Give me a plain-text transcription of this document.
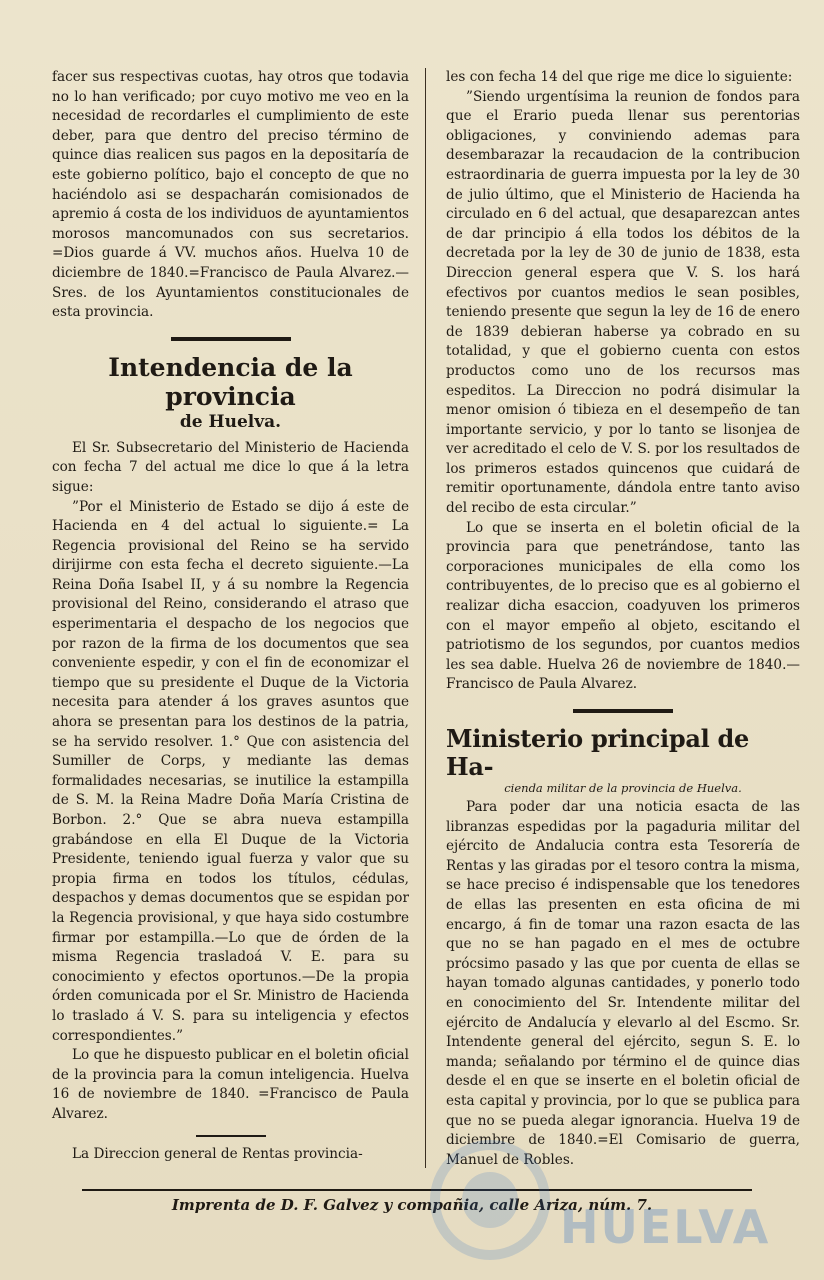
facer sus respectivas cuotas, hay otros que todavia no lo han verificado; por cuyo motivo me veo en la necesidad de recordarles el cumplimiento de este deber, para que dentro del preciso término de quince dias realicen sus pagos en la depositaría de este gobierno político, bajo el concepto de que no haciéndolo asi se despacharán comisionados de apremio á costa de los individuos de ayuntamientos morosos mancomunados con sus secretarios. =Dios guarde á VV. muchos años. Huelva 10 de diciembre de 1840.=Francisco de Paula Alvarez.—Sres. de los Ayuntamientos constitucionales de esta provincia.

Intendencia de la provincia

de Huelva.

El Sr. Subsecretario del Ministerio de Hacienda con fecha 7 del actual me dice lo que á la letra sigue:

”Por el Ministerio de Estado se dijo á este de Hacienda en 4 del actual lo siguiente.= La Regencia provisional del Reino se ha servido dirijirme con esta fecha el decreto siguiente.—La Reina Doña Isabel II, y á su nombre la Regencia provisional del Reino, considerando el atraso que esperimentaria el despacho de los negocios que por razon de la firma de los documentos que sea conveniente espedir, y con el fin de economizar el tiempo que su presidente el Duque de la Victoria necesita para atender á los graves asuntos que ahora se presentan para los destinos de la patria, se ha servido resolver. 1.° Que con asistencia del Sumiller de Corps, y mediante las demas formalidades necesarias, se inutilice la estampilla de S. M. la Reina Madre Doña María Cristina de Borbon. 2.° Que se abra nueva estampilla grabándose en ella El Duque de la Victoria Presidente, teniendo igual fuerza y valor que su propia firma en todos los títulos, cédulas, despachos y demas documentos que se espidan por la Regencia provisional, y que haya sido costumbre firmar por estampilla.—Lo que de órden de la misma Regencia trasladoá V. E. para su conocimiento y efectos oportunos.—De la propia órden comunicada por el Sr. Ministro de Hacienda lo traslado á V. S. para su inteligencia y efectos correspondientes.”

Lo que he dispuesto publicar en el boletin oficial de la provincia para la comun inteligencia. Huelva 16 de noviembre de 1840. =Francisco de Paula Alvarez.

La Direccion general de Rentas provincia-

les con fecha 14 del que rige me dice lo siguiente:

”Siendo urgentísima la reunion de fondos para que el Erario pueda llenar sus perentorias obligaciones, y conviniendo ademas para desembarazar la recaudacion de la contribucion estraordinaria de guerra impuesta por la ley de 30 de julio último, que el Ministerio de Hacienda ha circulado en 6 del actual, que desaparezcan antes de dar principio á ella todos los débitos de la decretada por la ley de 30 de junio de 1838, esta Direccion general espera que V. S. los hará efectivos por cuantos medios le sean posibles, teniendo presente que segun la ley de 16 de enero de 1839 debieran haberse ya cobrado en su totalidad, y que el gobierno cuenta con estos productos como uno de los recursos mas espeditos. La Direccion no podrá disimular la menor omision ó tibieza en el desempeño de tan importante servicio, y por lo tanto se lisonjea de ver acreditado el celo de V. S. por los resultados de los primeros estados quincenos que cuidará de remitir oportunamente, dándola entre tanto aviso del recibo de esta circular.”

Lo que se inserta en el boletin oficial de la provincia para que penetrándose, tanto las corporaciones municipales de ella como los contribuyentes, de lo preciso que es al gobierno el realizar dicha esaccion, coadyuven los primeros con el mayor empeño al objeto, escitando el patriotismo de los segundos, por cuantos medios les sea dable. Huelva 26 de noviembre de 1840.—Francisco de Paula Alvarez.

Ministerio principal de Ha-

cienda militar de la provincia de Huelva.

Para poder dar una noticia esacta de las libranzas espedidas por la pagaduria militar del ejército de Andalucia contra esta Tesorería de Rentas y las giradas por el tesoro contra la misma, se hace preciso é indispensable que los tenedores de ellas las presenten en esta oficina de mi encargo, á fin de tomar una razon esacta de las que no se han pagado en el mes de octubre prócsimo pasado y las que por cuenta de ellas se hayan tomado algunas cantidades, y ponerlo todo en conocimiento del Sr. Intendente militar del ejército de Andalucía y elevarlo al del Escmo. Sr. Intendente general del ejército, segun S. E. lo manda; señalando por término el de quince dias desde el en que se inserte en el boletin oficial de esta capital y provincia, por lo que se publica para que no se pueda alegar ignorancia. Huelva 19 de diciembre de 1840.=El Comisario de guerra, Manuel de Robles.

Imprenta de D. F. Galvez y compañia, calle Ariza, núm. 7.
HUELVA
